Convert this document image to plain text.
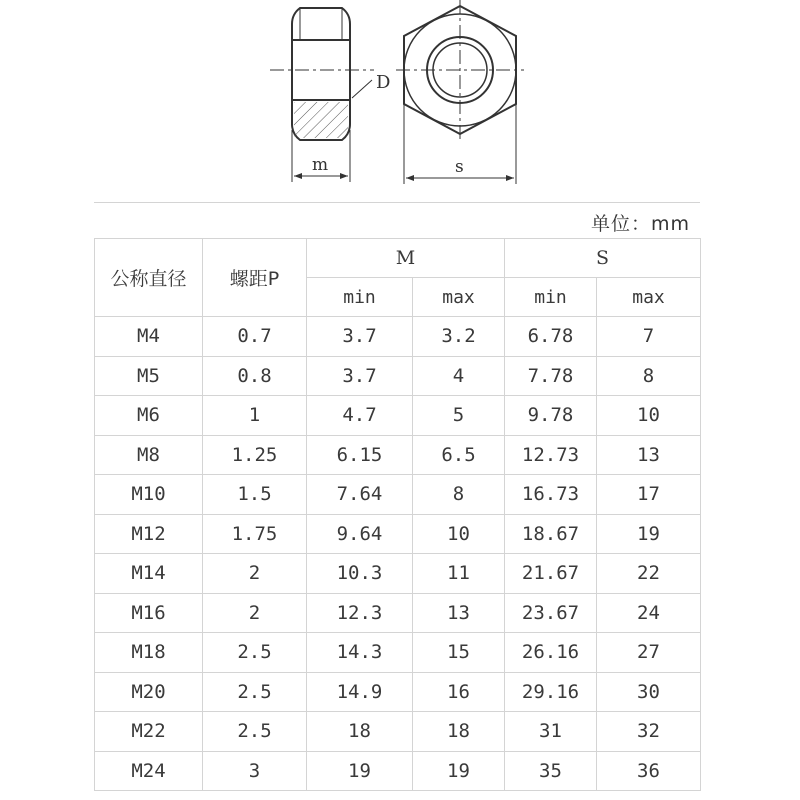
D
m	s
单位：mm
公称直径	螺距P	M		S	
		min	max	min	max
M4	0.7	3.7	3.2	6.78	7
M5	0.8	3.7	4	7.78	8
M6	1	4.7	5	9.78	10
M8	1.25	6.15	6.5	12.73	13
M10	1.5	7.64	8	16.73	17
M12	1.75	9.64	10	18.67	19
M14	2	10.3	11	21.67	22
M16	2	12.3	13	23.67	24
M18	2.5	14.3	15	26.16	27
M20	2.5	14.9	16	29.16	30
M22	2.5	18	18	31	32
M24	3	19	19	35	36
